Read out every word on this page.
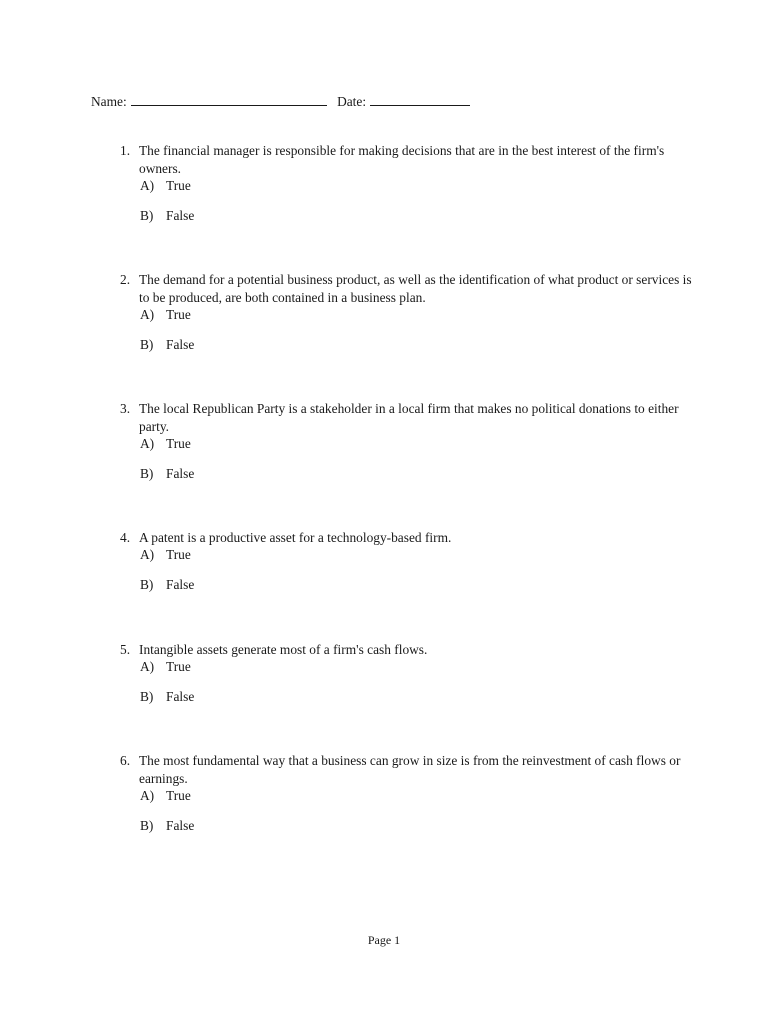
Name:	Date:
1. The financial manager is responsible for making decisions that are in the best interest of the firm's owners.
A) True
B) False
2. The demand for a potential business product, as well as the identification of what product or services is to be produced, are both contained in a business plan.
A) True
B) False
3. The local Republican Party is a stakeholder in a local firm that makes no political donations to either party.
A) True
B) False
4. A patent is a productive asset for a technology-based firm.
A) True
B) False
5. Intangible assets generate most of a firm's cash flows.
A) True
B) False
6. The most fundamental way that a business can grow in size is from the reinvestment of cash flows or earnings.
A) True
B) False
Page 1
